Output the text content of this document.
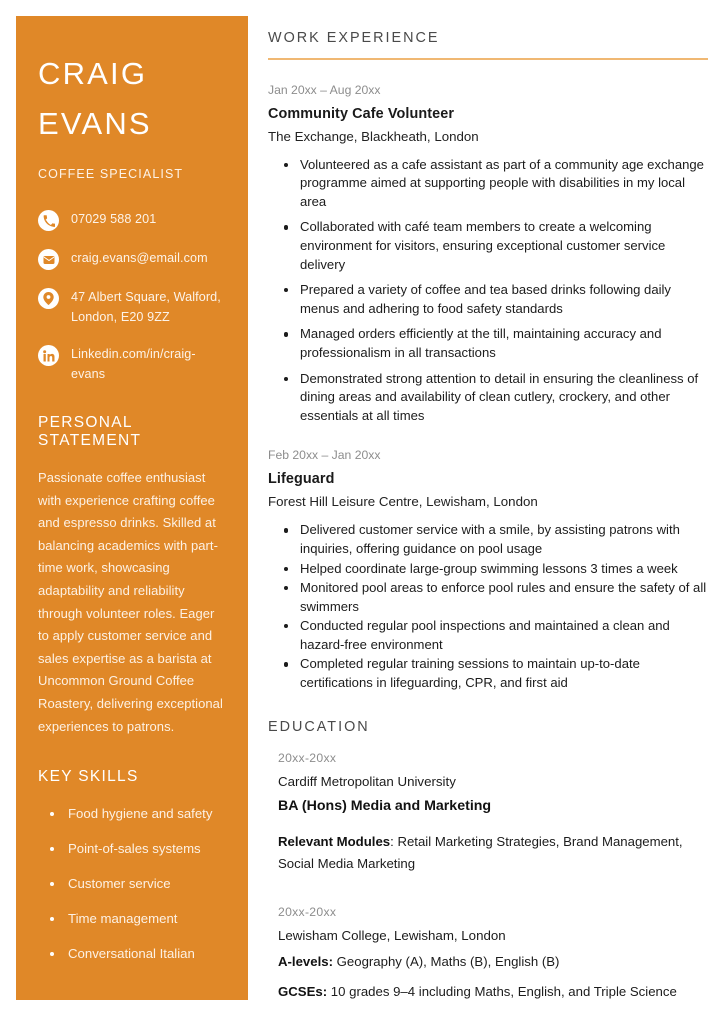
CRAIG
EVANS
COFFEE SPECIALIST
07029 588 201
craig.evans@email.com
47 Albert Square, Walford, London, E20 9ZZ
Linkedin.com/in/craig-evans
PERSONAL STATEMENT

Passionate coffee enthusiast with experience crafting coffee and espresso drinks. Skilled at balancing academics with part-time work, showcasing adaptability and reliability through volunteer roles. Eager to apply customer service and sales expertise as a barista at Uncommon Ground Coffee Roastery, delivering exceptional experiences to patrons.

KEY SKILLS
Food hygiene and safety
Point-of-sales systems
Customer service
Time management
Conversational Italian
WORK EXPERIENCE
Jan 20xx – Aug 20xx
Community Cafe Volunteer
The Exchange, Blackheath, London
Volunteered as a cafe assistant as part of a community age exchange programme aimed at supporting people with disabilities in my local area
Collaborated with café team members to create a welcoming environment for visitors, ensuring exceptional customer service delivery
Prepared a variety of coffee and tea based drinks following daily menus and adhering to food safety standards
Managed orders efficiently at the till, maintaining accuracy and professionalism in all transactions
Demonstrated strong attention to detail in ensuring the cleanliness of dining areas and availability of clean cutlery, crockery, and other essentials at all times
Feb 20xx – Jan 20xx
Lifeguard
Forest Hill Leisure Centre, Lewisham, London
Delivered customer service with a smile, by assisting patrons with inquiries, offering guidance on pool usage
Helped coordinate large-group swimming lessons 3 times a week
Monitored pool areas to enforce pool rules and ensure the safety of all swimmers
Conducted regular pool inspections and maintained a clean and hazard-free environment
Completed regular training sessions to maintain up-to-date certifications in lifeguarding, CPR, and first aid
EDUCATION
20xx-20xx
Cardiff Metropolitan University
BA (Hons) Media and Marketing
Relevant Modules: Retail Marketing Strategies, Brand Management, Social Media Marketing
20xx-20xx
Lewisham College, Lewisham, London
A-levels: Geography (A), Maths (B), English (B)
GCSEs: 10 grades 9–4 including Maths, English, and Triple Science
